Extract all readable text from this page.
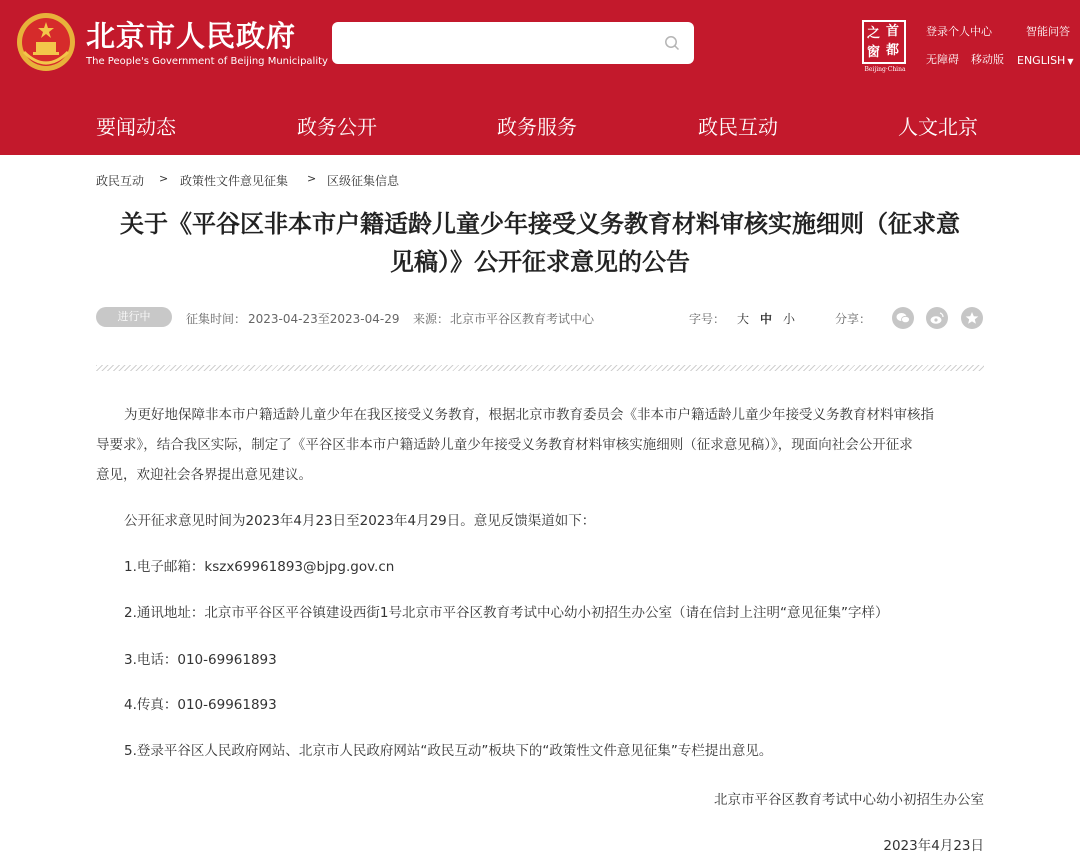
北京市人民政府
The People's Government of Beijing Municipality
之 首
都
窗
Beijing·China
登录个人中心	智能问答
无障碍 移动版 ENGLISH ▼
要闻动态	政务公开	政务服务	政民互动	人文北京
政民互动 > 政策性文件意见征集 > 区级征集信息
关于《平谷区非本市户籍适龄儿童少年接受义务教育材料审核实施细则（征求意
见稿）》公开征求意见的公告
进行中	征集时间： 2023-04-23至2023-04-29 来源： 北京市平谷区教育考试中心	字号： 大 中 小	分享：

为更好地保障非本市户籍适龄儿童少年在我区接受义务教育，根据北京市教育委员会《非本市户籍适龄儿童少年接受义务教育材料审核指

导要求》，结合我区实际，制定了《平谷区非本市户籍适龄儿童少年接受义务教育材料审核实施细则（征求意见稿）》，现面向社会公开征求

意见，欢迎社会各界提出意见建议。

公开征求意见时间为2023年4月23日至2023年4月29日。意见反馈渠道如下：

1.电子邮箱：kszx69961893@bjpg.gov.cn

2.通讯地址：北京市平谷区平谷镇建设西街1号北京市平谷区教育考试中心幼小初招生办公室（请在信封上注明“意见征集”字样）

3.电话：010-69961893

4.传真：010-69961893

5.登录平谷区人民政府网站、北京市人民政府网站“政民互动”板块下的“政策性文件意见征集”专栏提出意见。

北京市平谷区教育考试中心幼小初招生办公室
2023年4月23日
